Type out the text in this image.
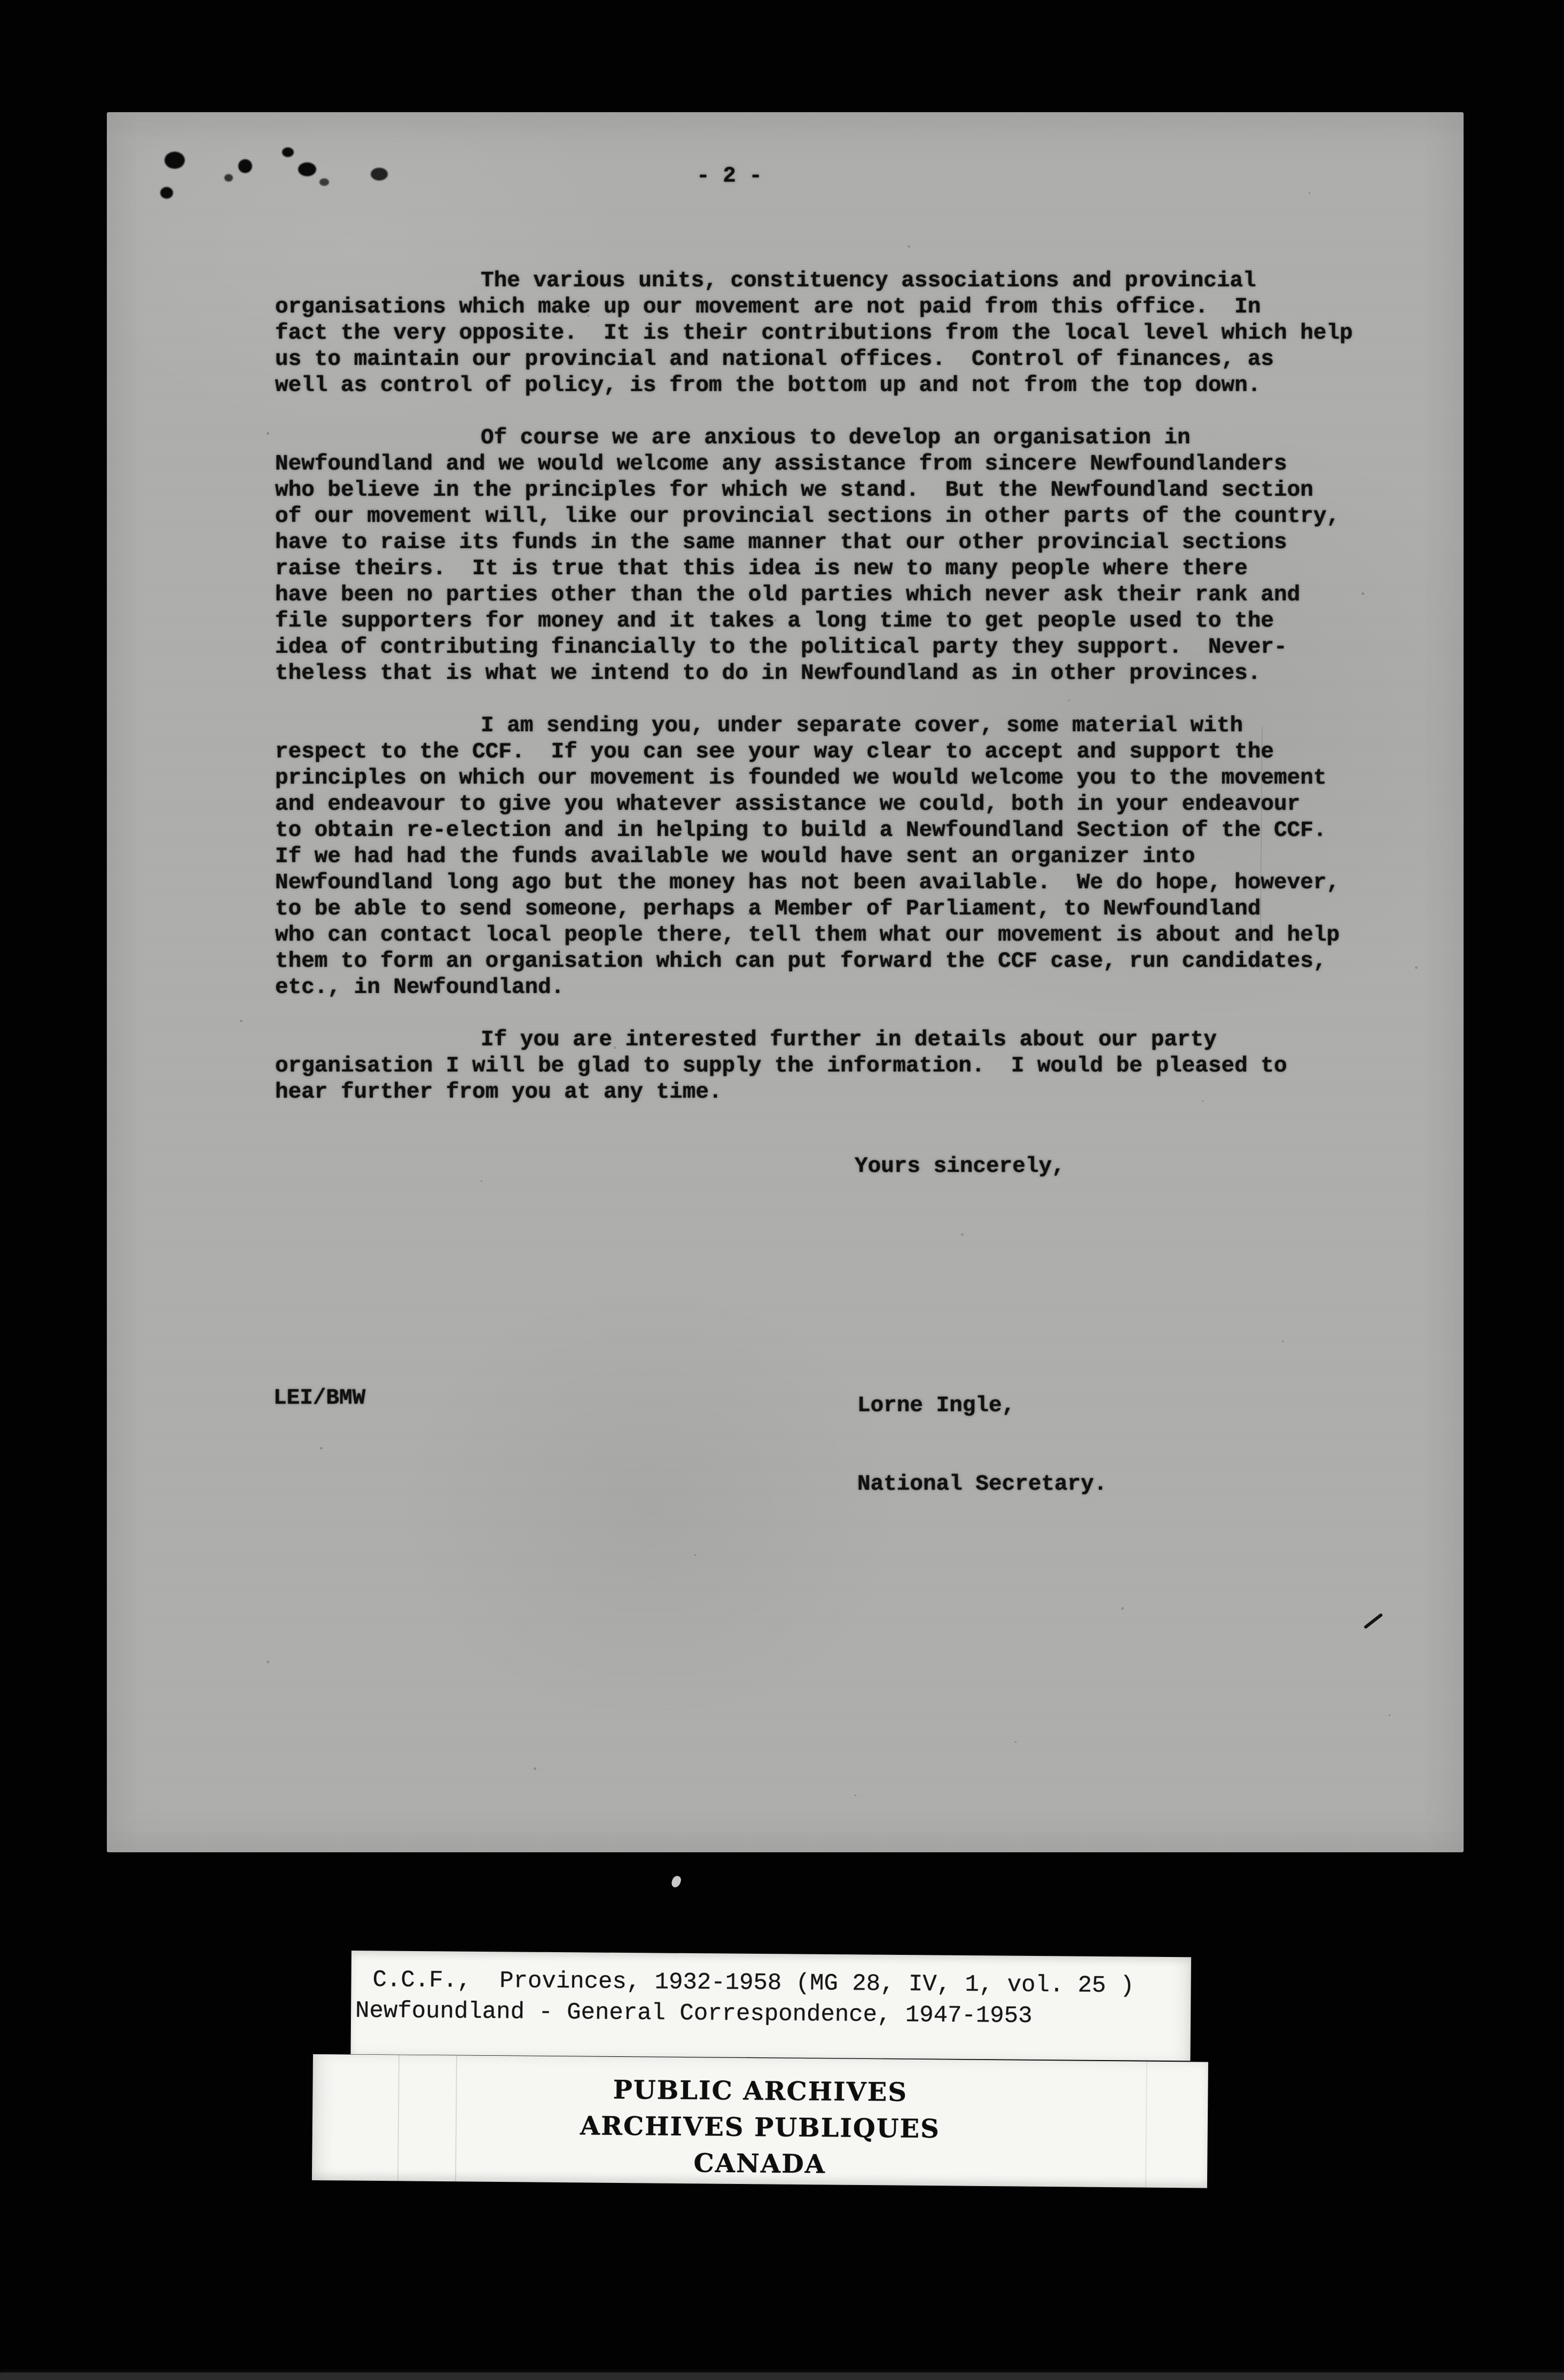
- 2 -
The various units, constituency associations and provincial
organisations which make up our movement are not paid from this office.  In
fact the very opposite.  It is their contributions from the local level which help
us to maintain our provincial and national offices.  Control of finances, as
well as control of policy, is from the bottom up and not from the top down.
Of course we are anxious to develop an organisation in
Newfoundland and we would welcome any assistance from sincere Newfoundlanders
who believe in the principles for which we stand.  But the Newfoundland section
of our movement will, like our provincial sections in other parts of the country,
have to raise its funds in the same manner that our other provincial sections
raise theirs.  It is true that this idea is new to many people where there
have been no parties other than the old parties which never ask their rank and
file supporters for money and it takes a long time to get people used to the
idea of contributing financially to the political party they support.  Never-
theless that is what we intend to do in Newfoundland as in other provinces.
I am sending you, under separate cover, some material with
respect to the CCF.  If you can see your way clear to accept and support the
principles on which our movement is founded we would welcome you to the movement
and endeavour to give you whatever assistance we could, both in your endeavour
to obtain re-election and in helping to build a Newfoundland Section of the CCF.
If we had had the funds available we would have sent an organizer into
Newfoundland long ago but the money has not been available.  We do hope, however,
to be able to send someone, perhaps a Member of Parliament, to Newfoundland
who can contact local people there, tell them what our movement is about and help
them to form an organisation which can put forward the CCF case, run candidates,
etc., in Newfoundland.
If you are interested further in details about our party
organisation I will be glad to supply the information.  I would be pleased to
hear further from you at any time.
Yours sincerely,

Lorne Ingle,

National Secretary.

LEI/BMW
C.C.F.,  Provinces, 1932-1958 (MG 28, IV, 1, vol. 25 )
Newfoundland - General Correspondence, 1947-1953
PUBLIC ARCHIVES
ARCHIVES PUBLIQUES
CANADA
